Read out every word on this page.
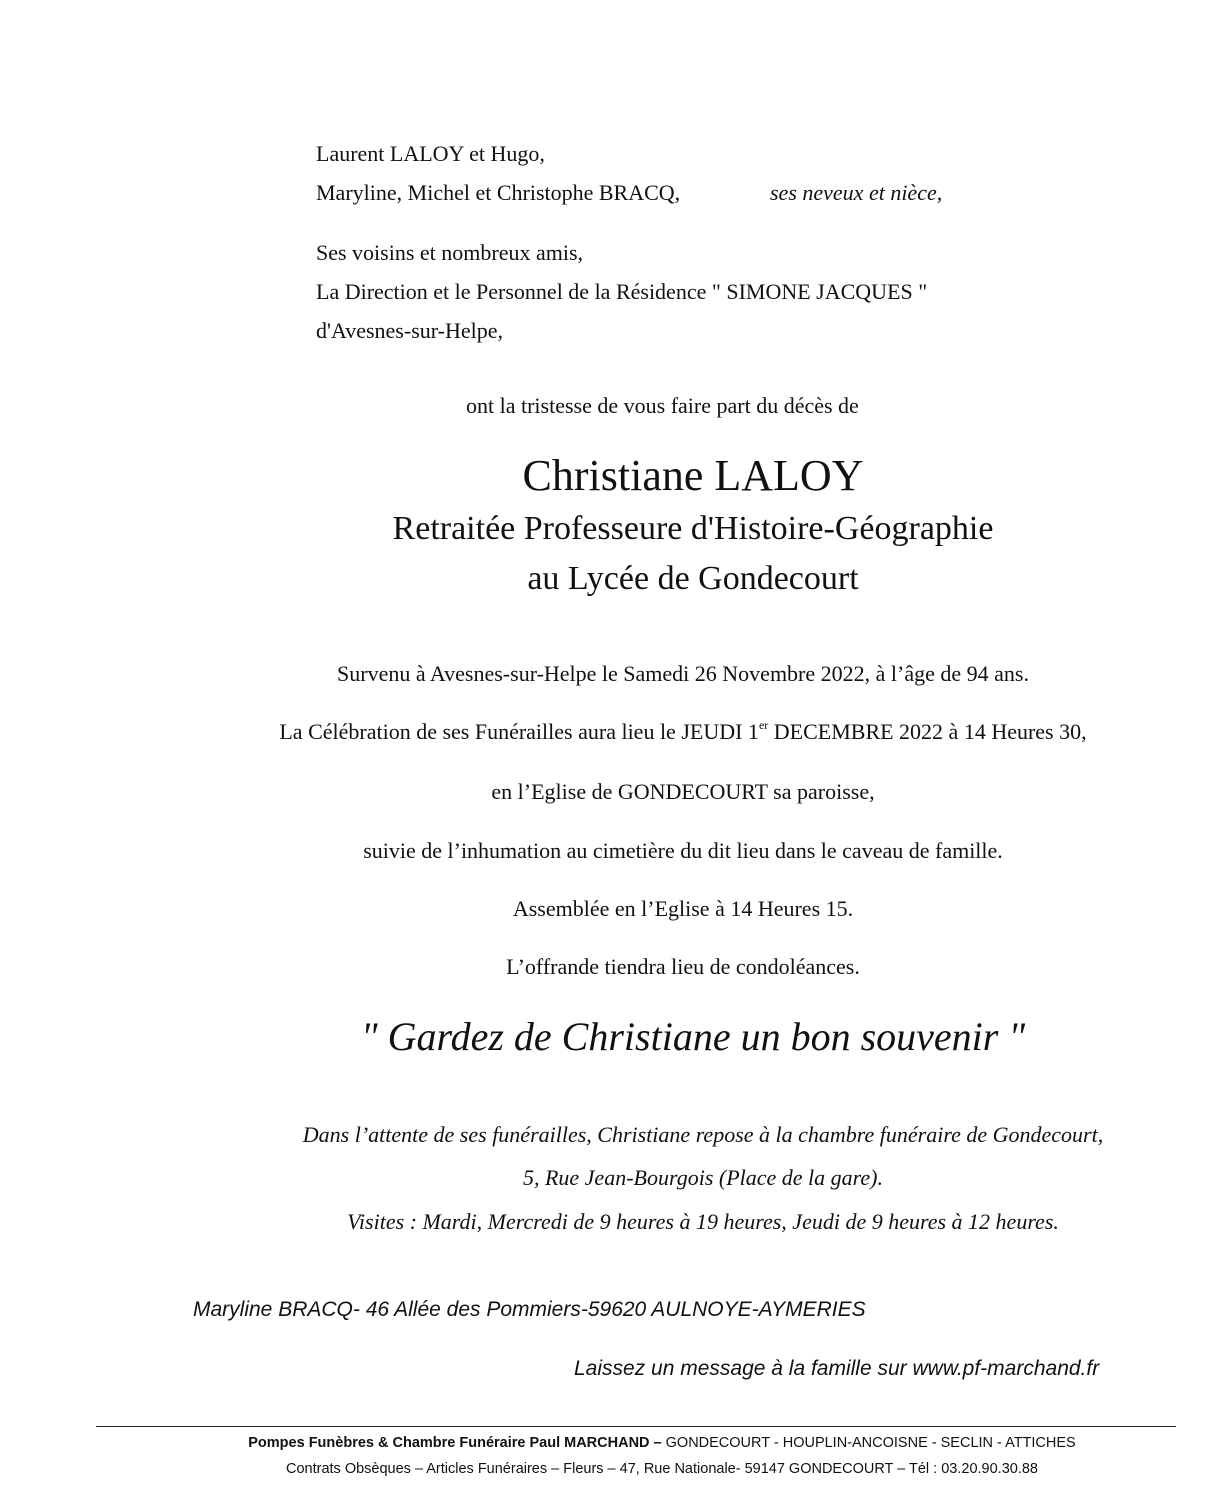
Laurent LALOY et Hugo,
Maryline, Michel et Christophe BRACQ,	ses neveux et nièce,
Ses voisins et nombreux amis,
La Direction et le Personnel de la Résidence " SIMONE JACQUES "
d'Avesnes-sur-Helpe,
ont la tristesse de vous faire part du décès de
Christiane LALOY
Retraitée Professeure d'Histoire-Géographie
au Lycée de Gondecourt
Survenu à Avesnes-sur-Helpe le Samedi 26 Novembre 2022, à l’âge de 94 ans.
La Célébration de ses Funérailles aura lieu le JEUDI 1er DECEMBRE 2022 à 14 Heures 30,
en l’Eglise de GONDECOURT sa paroisse,
suivie de l’inhumation au cimetière du dit lieu dans le caveau de famille.
Assemblée en l’Eglise à 14 Heures 15.
L’offrande tiendra lieu de condoléances.
" Gardez de Christiane un bon souvenir "
Dans l’attente de ses funérailles, Christiane repose à la chambre funéraire de Gondecourt,
5, Rue Jean-Bourgois (Place de la gare).
Visites : Mardi, Mercredi de 9 heures à 19 heures, Jeudi de 9 heures à 12 heures.
Maryline BRACQ- 46 Allée des Pommiers-59620 AULNOYE-AYMERIES
Laissez un message à la famille sur www.pf-marchand.fr
Pompes Funèbres & Chambre Funéraire Paul MARCHAND – GONDECOURT - HOUPLIN-ANCOISNE - SECLIN - ATTICHES
Contrats Obsèques – Articles Funéraires – Fleurs – 47, Rue Nationale- 59147 GONDECOURT – Tél : 03.20.90.30.88
